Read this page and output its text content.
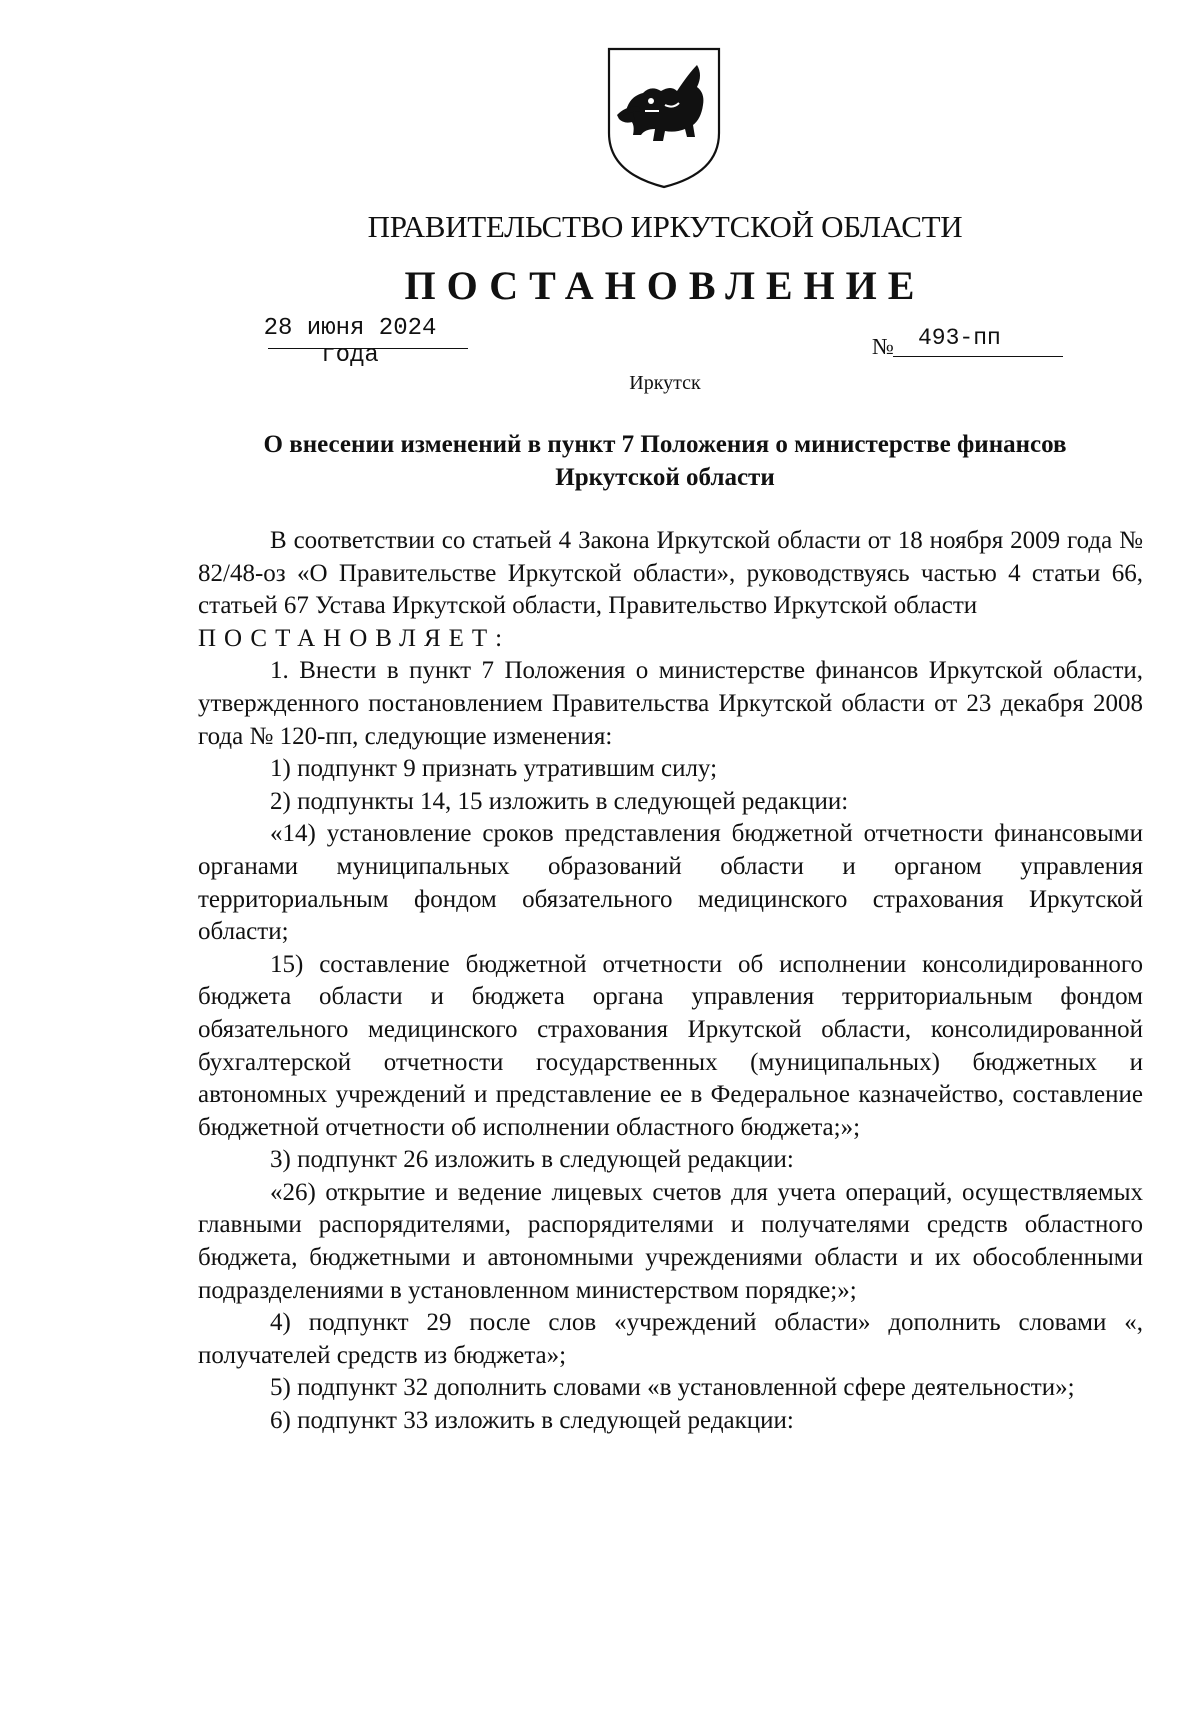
ПРАВИТЕЛЬСТВО ИРКУТСКОЙ ОБЛАСТИ
ПОСТАНОВЛЕНИЕ
28 июня 2024 года	№ 493-пп
Иркутск
О внесении изменений в пункт 7 Положения о министерстве финансов Иркутской области

В соответствии со статьей 4 Закона Иркутской области от 18 ноября 2009 года № 82/48-оз «О Правительстве Иркутской области», руководствуясь частью 4 статьи 66, статьей 67 Устава Иркутской области, Правительство Иркутской области

ПОСТАНОВЛЯЕТ:

1. Внести в пункт 7 Положения о министерстве финансов Иркутской области, утвержденного постановлением Правительства Иркутской области от 23 декабря 2008 года № 120-пп, следующие изменения:

1) подпункт 9 признать утратившим силу;

2) подпункты 14, 15 изложить в следующей редакции:

«14) установление сроков представления бюджетной отчетности финансовыми органами муниципальных образований области и органом управления территориальным фондом обязательного медицинского страхования Иркутской области;

15) составление бюджетной отчетности об исполнении консолидированного бюджета области и бюджета органа управления территориальным фондом обязательного медицинского страхования Иркутской области, консолидированной бухгалтерской отчетности государственных (муниципальных) бюджетных и автономных учреждений и представление ее в Федеральное казначейство, составление бюджетной отчетности об исполнении областного бюджета;»;

3) подпункт 26 изложить в следующей редакции:

«26) открытие и ведение лицевых счетов для учета операций, осуществляемых главными распорядителями, распорядителями и получателями средств областного бюджета, бюджетными и автономными учреждениями области и их обособленными подразделениями в установленном министерством порядке;»;

4) подпункт 29 после слов «учреждений области» дополнить словами «, получателей средств из бюджета»;

5) подпункт 32 дополнить словами «в установленной сфере деятельности»;

6) подпункт 33 изложить в следующей редакции:
